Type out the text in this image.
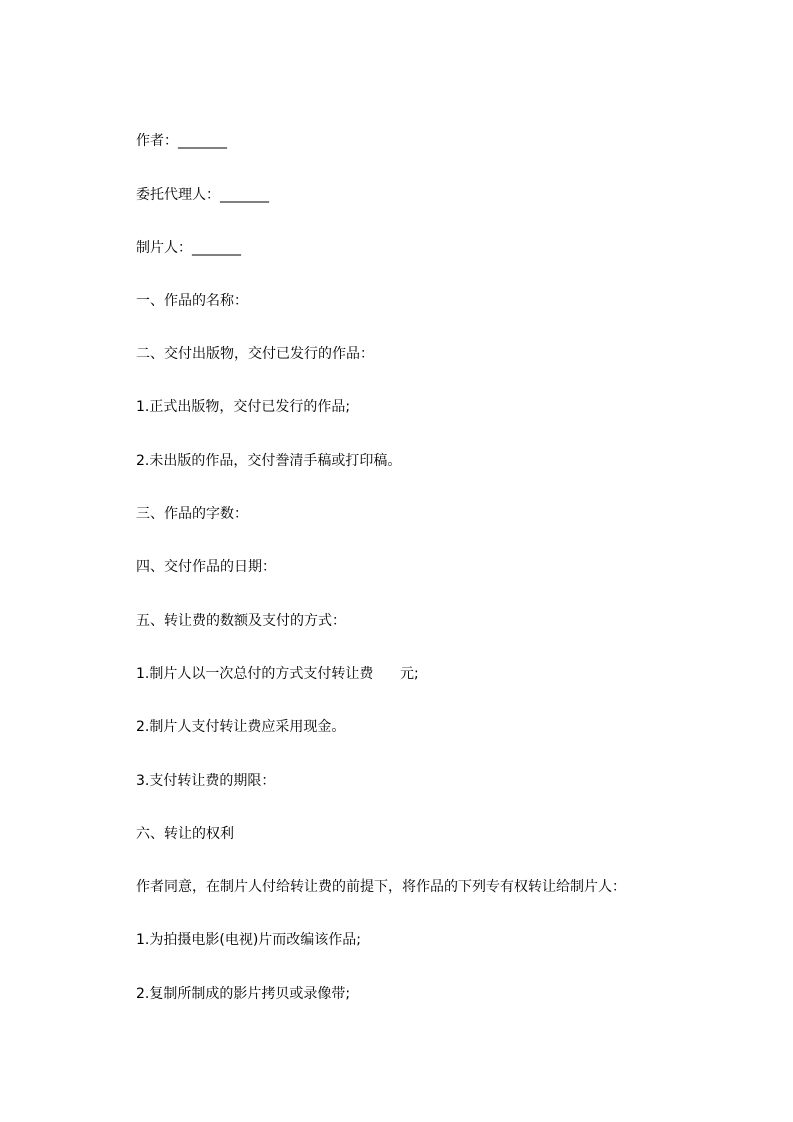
作者：_______
委托代理人：_______
制片人：_______
一、作品的名称：
二、交付出版物，交付已发行的作品：
1.正式出版物，交付已发行的作品;
2.未出版的作品，交付誊清手稿或打印稿。
三、作品的字数：
四、交付作品的日期：
五、转让费的数额及支付的方式：
1.制片人以一次总付的方式支付转让费      元;
2.制片人支付转让费应采用现金。
3.支付转让费的期限：
六、转让的权利
作者同意，在制片人付给转让费的前提下，将作品的下列专有权转让给制片人：
1.为拍摄电影(电视)片而改编该作品;
2.复制所制成的影片拷贝或录像带;
